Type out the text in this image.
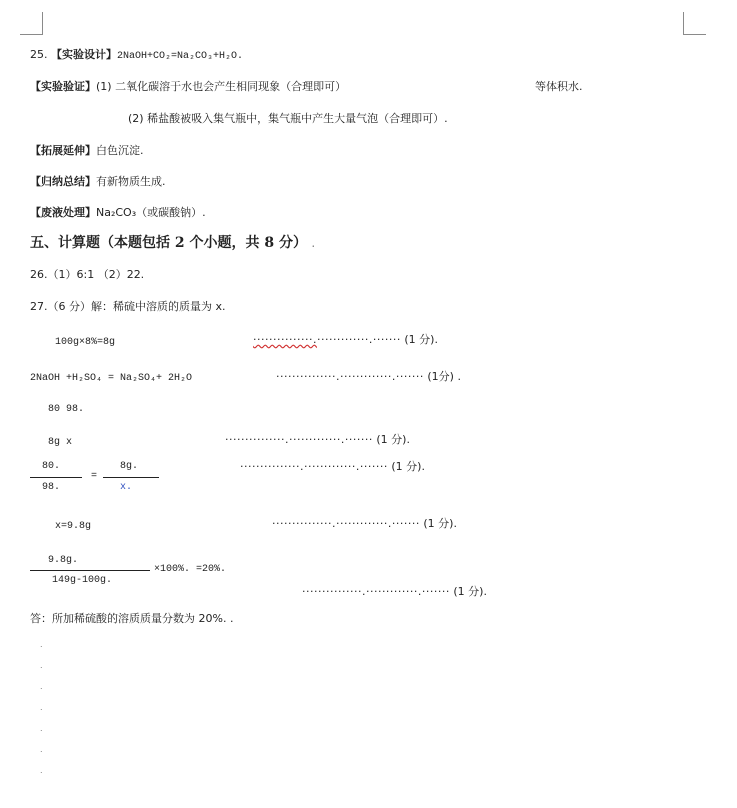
25. 【实验设计】2NaOH+CO₂=Na₂CO₃+H₂O.
【实验验证】(1) 二氧化碳溶于水也会产生相同现象（合理即可）	等体积水.
(2) 稀盐酸被吸入集气瓶中，集气瓶中产生大量气泡（合理即可）.
【拓展延伸】白色沉淀.
【归纳总结】有新物质生成.
【废液处理】Na₂CO₃（或碳酸钠）.
五、计算题（本题包括 2 个小题，共 8 分） .
26.（1）6:1 （2）22.
27.（6 分）解：稀硫中溶质的质量为 x.
100g×8%=8g	···············.·············.······· (1 分).
2NaOH +H₂SO₄ = Na₂SO₄+ 2H₂O	···············.·············.······· (1分) .
80 98.
8g x	···············.·············.······· (1 分).
80.
98.
=
8g.
x.
···············.·············.······· (1 分).
x=9.8g	···············.·············.······· (1 分).
9.8g.
149g-100g.
×100%. =20%.
···············.·············.······· (1 分).
答：所加稀硫酸的溶质质量分数为 20%. .
.
.
.
.
.
.
.
